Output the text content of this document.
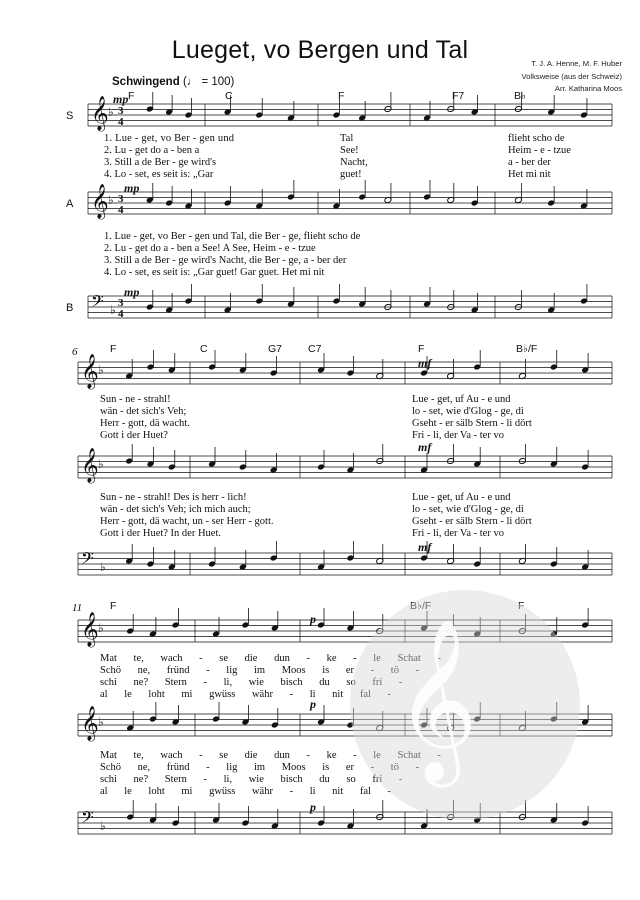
Lueget, vo Bergen und Tal	T. J. A. Henne, M. F. Huber
Volksweise (aus der Schweiz)
Arr. Katharina Moos
Schwingend (♩ = 100)
S
A
B
6
11
F	C	F	F7	B♭
F	C	G7 C7	F	B♭/F
F	B♭/F	F
mp
mp
mp
mf
mf
mf
p
p
p
𝄞 ♭ 3
4
𝄞 ♭ 3
4
𝄢 ♭ 3
4
𝄞 ♭
𝄞 ♭
𝄢 ♭
𝄞 ♭
𝄞 ♭
𝄢 ♭
1. Lue - get, vo Ber - gen und	Tal	flieht scho de
2. Lu - get do a - ben a	See!	Heim - e - tzue
3. Still a de Ber - ge wird's	Nacht,	a - ber der
4. Lo - set, es seit is: „Gar	guet!	Het mi nit
1. Lue - get, vo Ber - gen und Tal, die Ber - ge, flieht scho de
2. Lu - get do a - ben a See! A See, Heim - e - tzue
3. Still a de Ber - ge wird's Nacht, die Ber - ge, a - ber der
4. Lo - set, es seit is: „Gar guet! Gar guet. Het mi nit
Sun - ne - strahl!	Lue - get, uf Au - e und
wän - det sich's Veh;	lo - set, wie d'Glog - ge, di
Herr - gott, dä wacht.	Gseht - er sälb Stern - li dört
Gott i der Huet?	Fri - li, der Va - ter vo
Sun - ne - strahl! Des is herr - lich!	Lue - get, uf Au - e und
wän - det sich's Veh; ich mich auch;	lo - set, wie d'Glog - ge, di
Herr - gott, dä wacht, un - ser Herr - gott.	Gseht - er sälb Stern - li dört
Gott i der Huet? In der Huet.	Fri - li, der Va - ter vo
Mat te, wach - se die dun - ke - le Schat -
Schö ne, fründ - lig im Moos is er - tö -
schi ne? Stern - li, wie bisch du so fri -
al le loht mi gwüss währ - li nit fal -
Mat te, wach - se die dun - ke - le Schat -
Schö ne, fründ - lig im Moos is er - tö -
schi ne? Stern - li, wie bisch du so fri -
al le loht mi gwüss währ - li nit fal -
𝄞
